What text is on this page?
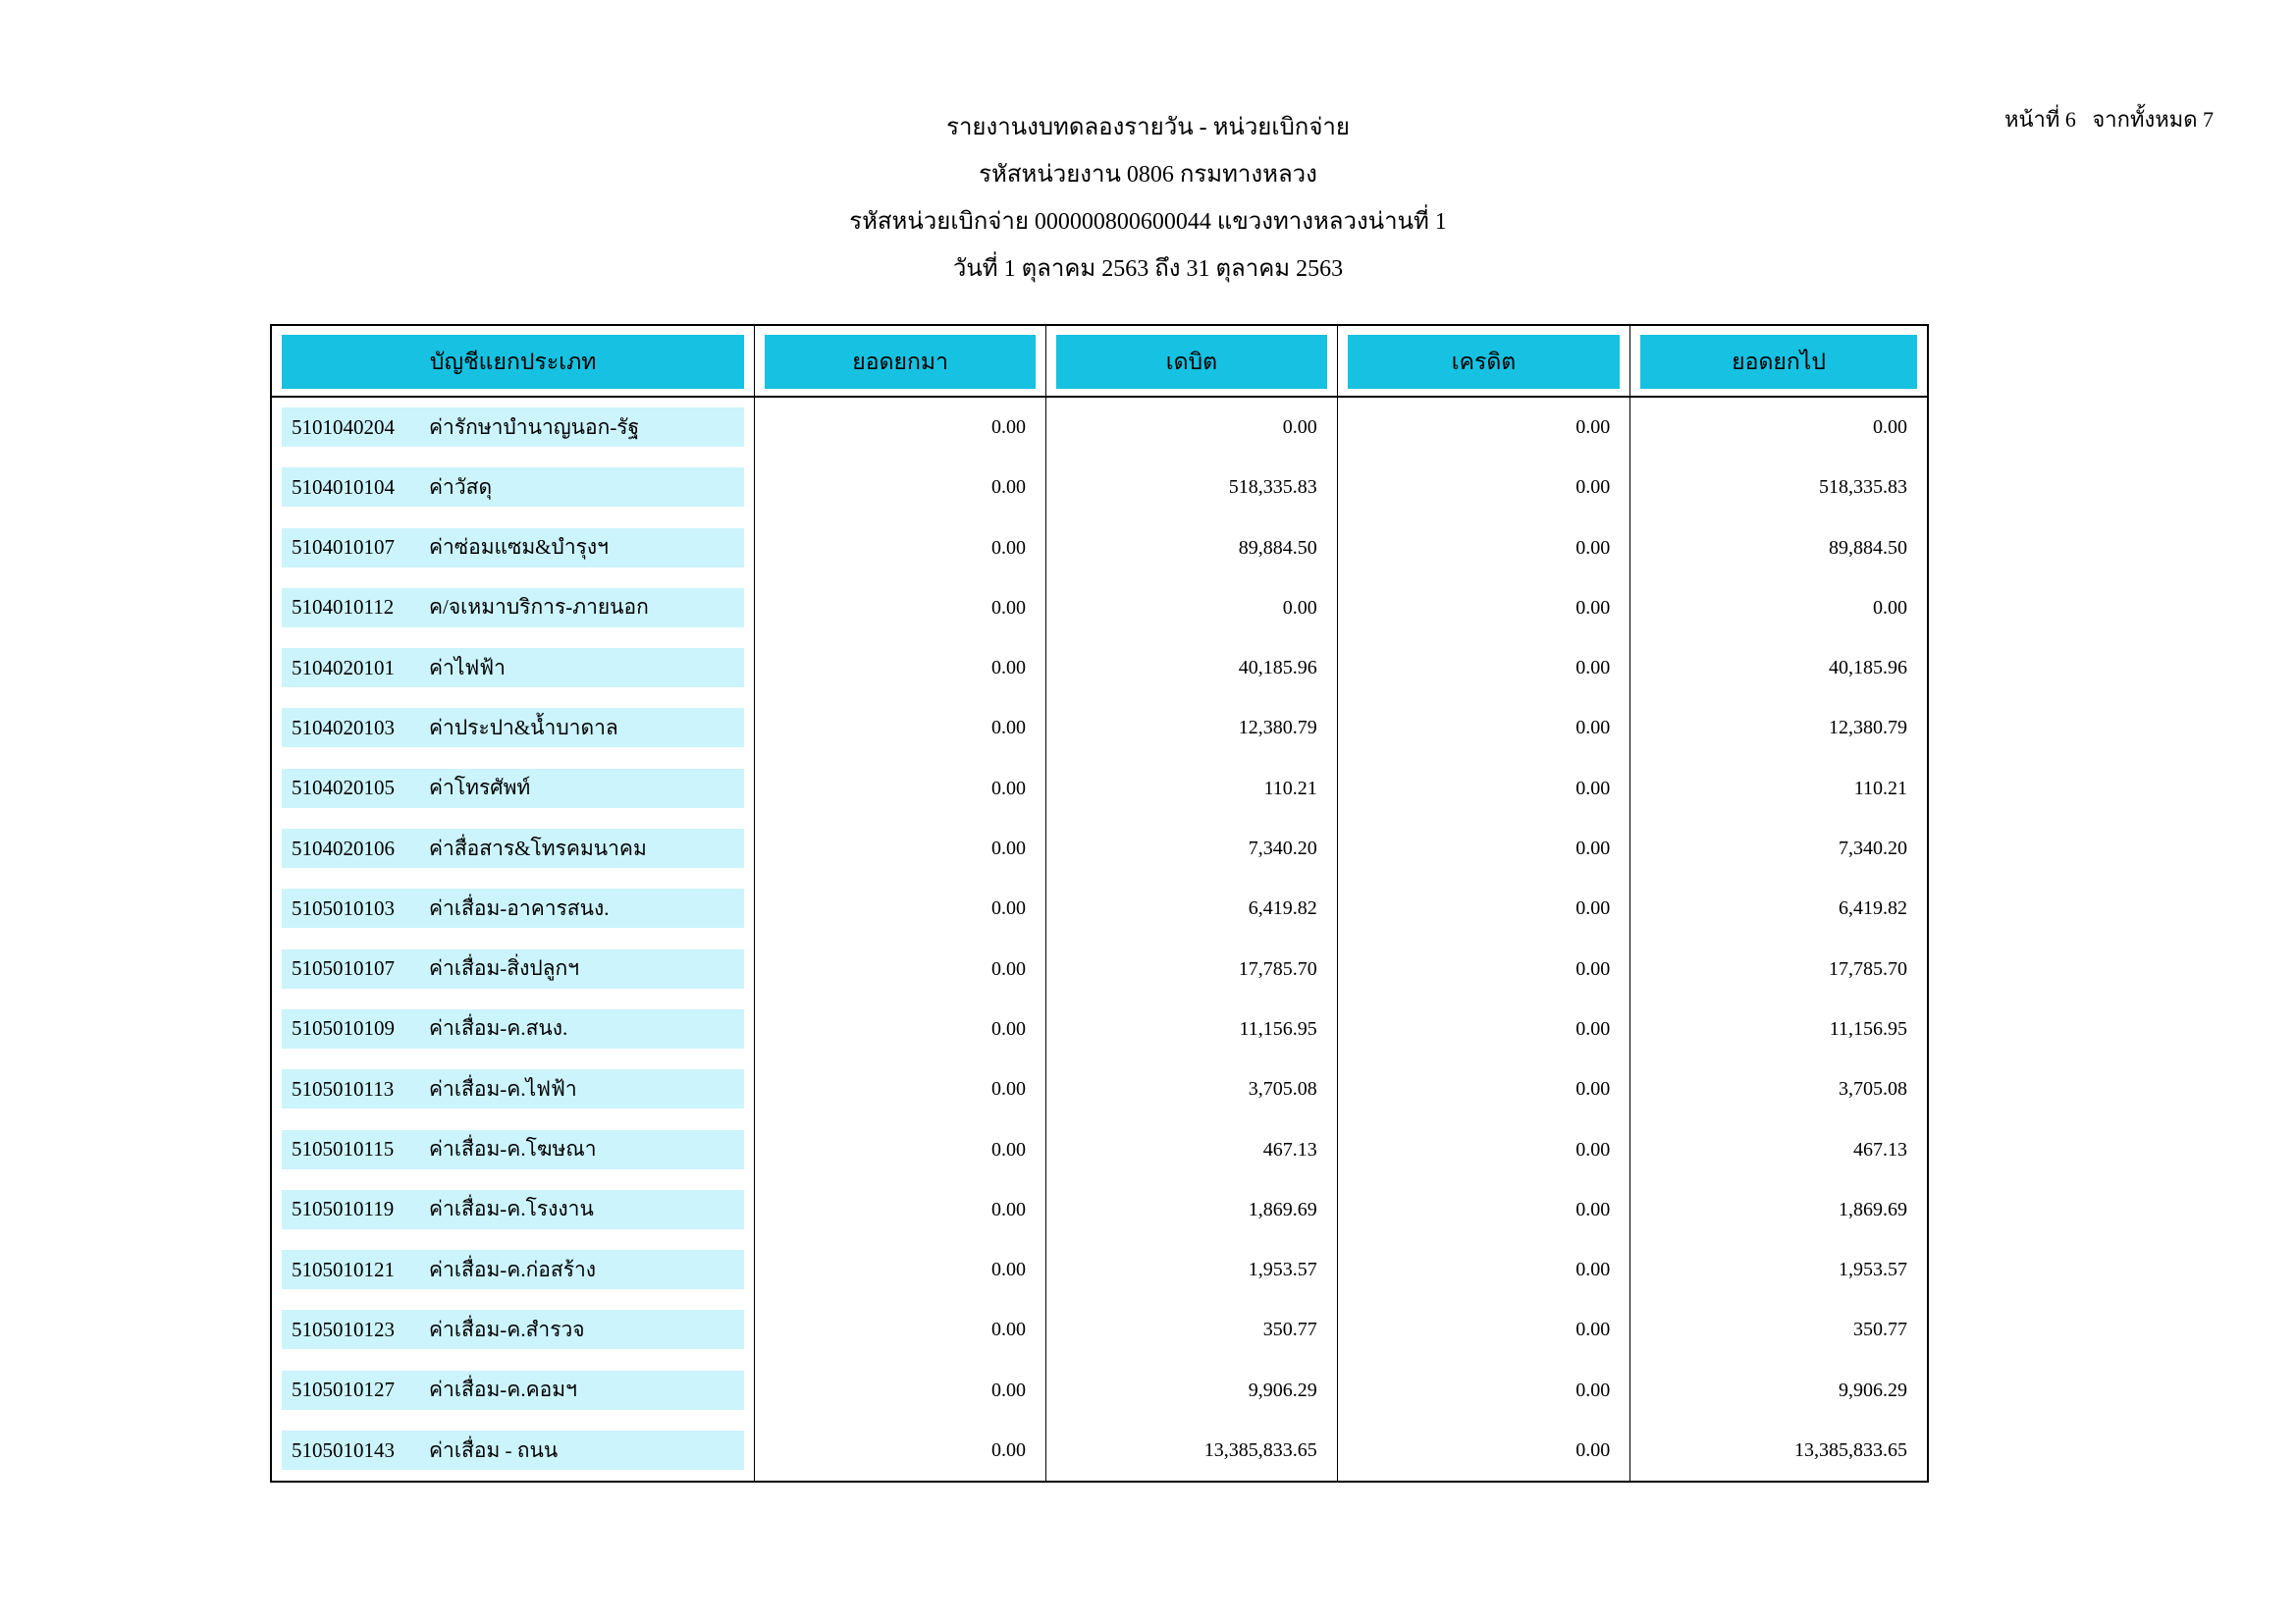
หน้าที่ 6   จากทั้งหมด 7
รายงานงบทดลองรายวัน - หน่วยเบิกจ่าย
รหัสหน่วยงาน 0806 กรมทางหลวง
รหัสหน่วยเบิกจ่าย 000000800600044 แขวงทางหลวงน่านที่ 1
วันที่ 1 ตุลาคม 2563 ถึง 31 ตุลาคม 2563
บัญชีแยกประเภท	ยอดยกมา	เดบิต	เครดิต	ยอดยกไป
5101040204	ค่ารักษาบำนาญนอก-รัฐ	0.00	0.00	0.00	0.00
5104010104	ค่าวัสดุ	0.00	518,335.83	0.00	518,335.83
5104010107	ค่าซ่อมแซม&บำรุงฯ	0.00	89,884.50	0.00	89,884.50
5104010112	ค/จเหมาบริการ-ภายนอก	0.00	0.00	0.00	0.00
5104020101	ค่าไฟฟ้า	0.00	40,185.96	0.00	40,185.96
5104020103	ค่าประปา&น้ำบาดาล	0.00	12,380.79	0.00	12,380.79
5104020105	ค่าโทรศัพท์	0.00	110.21	0.00	110.21
5104020106	ค่าสื่อสาร&โทรคมนาคม	0.00	7,340.20	0.00	7,340.20
5105010103	ค่าเสื่อม-อาคารสนง.	0.00	6,419.82	0.00	6,419.82
5105010107	ค่าเสื่อม-สิ่งปลูกฯ	0.00	17,785.70	0.00	17,785.70
5105010109	ค่าเสื่อม-ค.สนง.	0.00	11,156.95	0.00	11,156.95
5105010113	ค่าเสื่อม-ค.ไฟฟ้า	0.00	3,705.08	0.00	3,705.08
5105010115	ค่าเสื่อม-ค.โฆษณา	0.00	467.13	0.00	467.13
5105010119	ค่าเสื่อม-ค.โรงงาน	0.00	1,869.69	0.00	1,869.69
5105010121	ค่าเสื่อม-ค.ก่อสร้าง	0.00	1,953.57	0.00	1,953.57
5105010123	ค่าเสื่อม-ค.สำรวจ	0.00	350.77	0.00	350.77
5105010127	ค่าเสื่อม-ค.คอมฯ	0.00	9,906.29	0.00	9,906.29
5105010143	ค่าเสื่อม - ถนน	0.00	13,385,833.65	0.00	13,385,833.65
